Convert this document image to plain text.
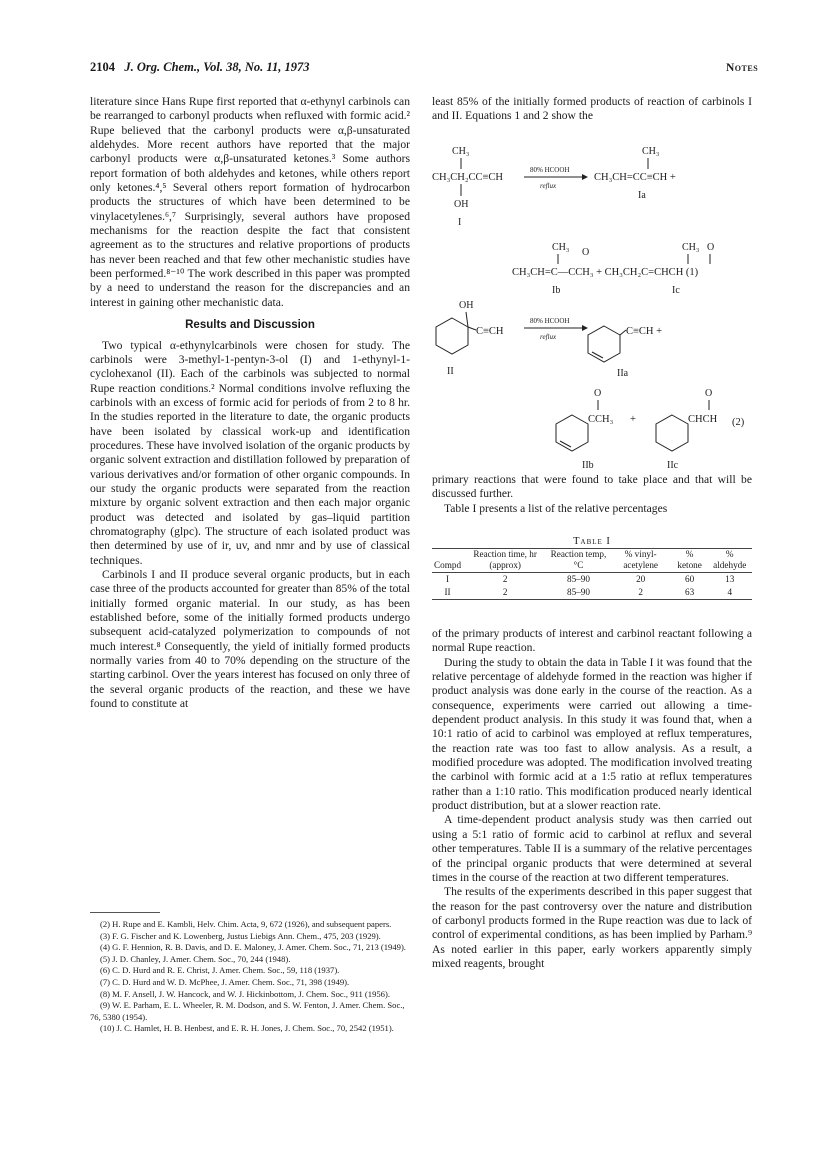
2104 J. Org. Chem., Vol. 38, No. 11, 1973	Notes

literature since Hans Rupe first reported that α-ethynyl carbinols can be rearranged to carbonyl products when refluxed with formic acid.² Rupe believed that the carbonyl products were α,β-unsaturated aldehydes. More recent authors have reported that the major carbonyl products were α,β-unsaturated ketones.³ Some authors report formation of both aldehydes and ketones, while others report only ketones.⁴,⁵ Several others report formation of hydrocarbon products the structures of which have been determined to be vinylacetylenes.⁶,⁷ Surprisingly, several authors have proposed mechanisms for the reaction despite the fact that consistent agreement as to the structures and relative proportions of products has never been reached and that few other mechanistic studies have been performed.⁸⁻¹⁰ The work described in this paper was prompted by a need to understand the reason for the discrepancies and an interest in gaining other mechanistic data.

Results and Discussion

Two typical α-ethynylcarbinols were chosen for study. The carbinols were 3-methyl-1-pentyn-3-ol (I) and 1-ethynyl-1-cyclohexanol (II). Each of the carbinols was subjected to normal Rupe reaction conditions.² Normal conditions involve refluxing the carbinols with an excess of formic acid for periods of from 2 to 8 hr. In the studies reported in the literature to date, the organic products have been isolated by classical work-up and identification procedures. These have involved isolation of the organic products by organic solvent extraction and distillation followed by preparation of various derivatives and/or formation of other organic compounds. In our study the organic products were separated from the reaction mixture by organic solvent extraction and then each major organic product was detected and isolated by gas–liquid partition chromatography (glpc). The structure of each isolated product was then determined by use of ir, uv, and nmr and by use of classical techniques.

Carbinols I and II produce several organic products, but in each case three of the products accounted for greater than 85% of the total initially formed organic material. In our study, as has been established before, some of the initially formed products undergo subsequent acid-catalyzed polymerization to compounds of not much interest.⁸ Consequently, the yield of initially formed products normally varies from 40 to 70% depending on the structure of the starting carbinol. Over the years interest has focused on only three of the several organic products of the reaction, and these we have found to constitute at

(2) H. Rupe and E. Kambli, Helv. Chim. Acta, 9, 672 (1926), and subsequent papers.

(3) F. G. Fischer and K. Lowenberg, Justus Liebigs Ann. Chem., 475, 203 (1929).

(4) G. F. Hennion, R. B. Davis, and D. E. Maloney, J. Amer. Chem. Soc., 71, 213 (1949).

(5) J. D. Chanley, J. Amer. Chem. Soc., 70, 244 (1948).

(6) C. D. Hurd and R. E. Christ, J. Amer. Chem. Soc., 59, 118 (1937).

(7) C. D. Hurd and W. D. McPhee, J. Amer. Chem. Soc., 71, 398 (1949).

(8) M. F. Ansell, J. W. Hancock, and W. J. Hickinbottom, J. Chem. Soc., 911 (1956).

(9) W. E. Parham, E. L. Wheeler, R. M. Dodson, and S. W. Fenton, J. Amer. Chem. Soc., 76, 5380 (1954).

(10) J. C. Hamlet, H. B. Henbest, and E. R. H. Jones, J. Chem. Soc., 70, 2542 (1951).

least 85% of the initially formed products of reaction of carbinols I and II. Equations 1 and 2 show the

CH₃
CH₃CH₂CC≡CH
OH
I
80% HCOOH
reflux
CH₃
CH₃CH=CC≡CH +
Ia
CH₃ O	CH₃ O
CH₃CH=C—CCH₃ + CH₃CH₂C=CHCH (1)
Ib	Ic
OH
C≡CH
II
80% HCOOH
reflux	C≡CH +
IIa
O
CCH₃ +
O
CHCH (2)
IIb	IIc

primary reactions that were found to take place and that will be discussed further.

Table I presents a list of the relative percentages

Table I
Compd	Reaction time, hr (approx)	Reaction temp, °C	% vinyl-acetylene	% ketone	% aldehyde
I	2	85–90	20	60	13
II	2	85–90	2	63	4

of the primary products of interest and carbinol reactant following a normal Rupe reaction.

During the study to obtain the data in Table I it was found that the relative percentage of aldehyde formed in the reaction was higher if product analysis was done early in the course of the reaction. As a consequence, experiments were carried out allowing a time-dependent product analysis. In this study it was found that, when a 10:1 ratio of acid to carbinol was employed at reflux temperatures, the reaction rate was too fast to allow analysis. As a result, a modified procedure was adopted. The modification involved treating the carbinol with formic acid at a 1:5 ratio at reflux temperatures rather than a 1:10 ratio. This modification produced nearly identical product distribution, but at a slower reaction rate.

A time-dependent product analysis study was then carried out using a 5:1 ratio of formic acid to carbinol at reflux and several other temperatures. Table II is a summary of the relative percentages of the principal organic products that were determined at several times in the course of the reaction at two different temperatures.

The results of the experiments described in this paper suggest that the reason for the past controversy over the nature and distribution of carbonyl products formed in the Rupe reaction was due to lack of control of experimental conditions, as has been implied by Parham.⁹ As noted earlier in this paper, early workers apparently simply mixed reagents, brought
